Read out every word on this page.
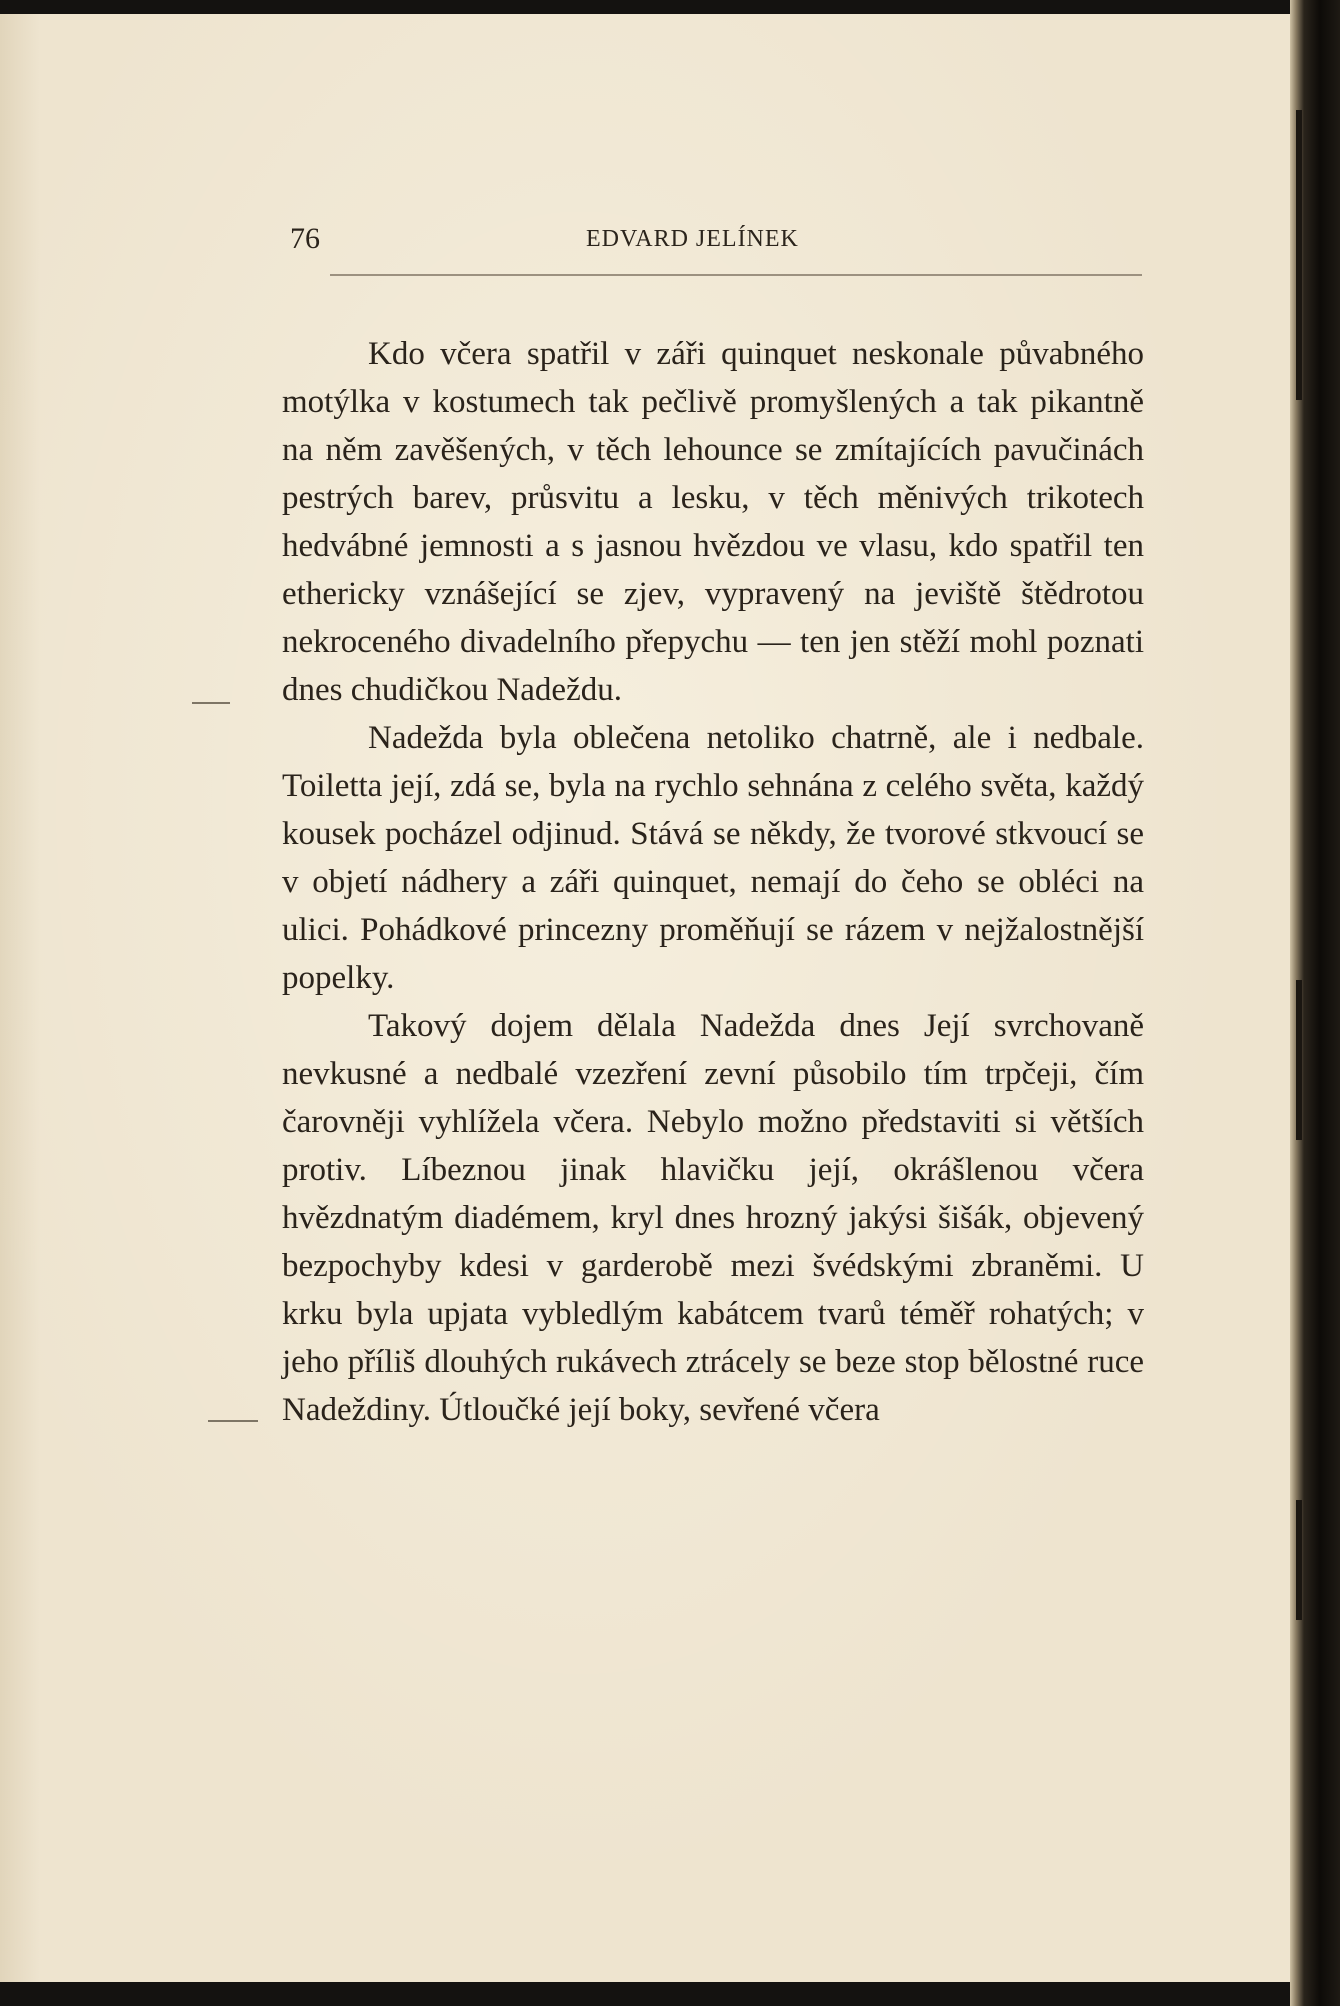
76	EDVARD JELÍNEK

Kdo včera spatřil v záři quinquet neskonale půvabného motýlka v kostumech tak pečlivě promyšlených a tak pikantně na něm zavěšených, v těch lehounce se zmítajících pavučinách pestrých barev, průsvitu a lesku, v těch měnivých trikotech hedvábné jemnosti a s jasnou hvězdou ve vlasu, kdo spatřil ten ethericky vznášející se zjev, vypravený na jeviště štědrotou nekroceného divadelního přepychu — ten jen stěží mohl poznati dnes chudičkou Nadeždu.

Nadežda byla oblečena netoliko chatrně, ale i nedbale. Toiletta její, zdá se, byla na rychlo sehnána z celého světa, každý kousek pocházel odjinud. Stává se někdy, že tvorové stkvoucí se v objetí nádhery a záři quinquet, nemají do čeho se obléci na ulici. Pohádkové princezny proměňují se rázem v nejžalostnější popelky.

Takový dojem dělala Nadežda dnes Její svrchovaně nevkusné a nedbalé vzezření zevní působilo tím trpčeji, čím čarovněji vyhlížela včera. Nebylo možno představiti si větších protiv. Líbeznou jinak hlavičku její, okrášlenou včera hvězdnatým diadémem, kryl dnes hrozný jakýsi šišák, objevený bezpochyby kdesi v garderobě mezi švédskými zbraněmi. U krku byla upjata vybledlým kabátcem tvarů téměř rohatých; v jeho příliš dlouhých rukávech ztrácely se beze stop bělostné ruce Nadeždiny. Útloučké její boky, sevřené včera
